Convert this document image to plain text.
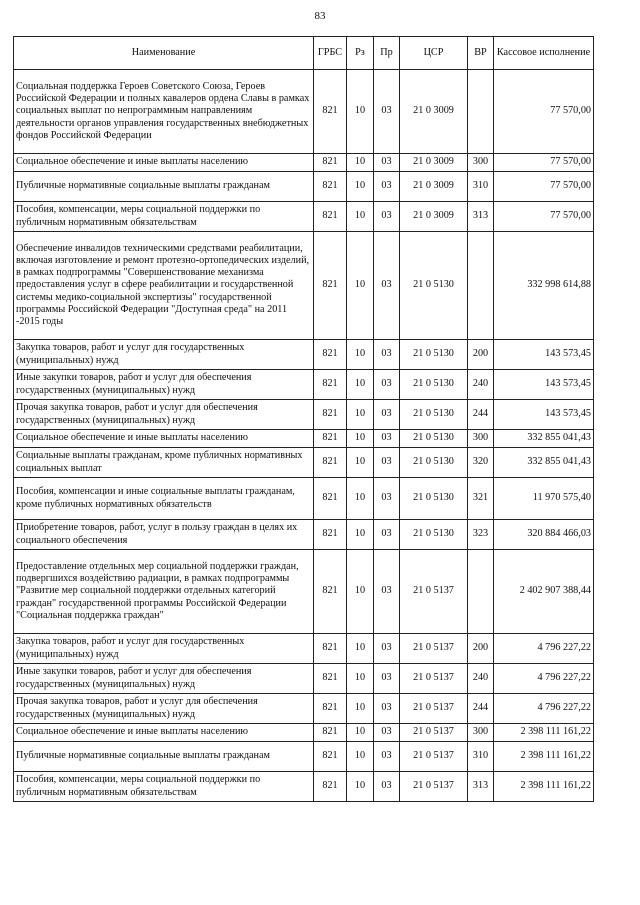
83
Наименование	ГРБС	Рз	Пр	ЦСР	ВР	Кассовое исполнение
Социальная поддержка Героев Советского Союза, Героев Российской Федерации и полных кавалеров ордена Славы в рамках социальных выплат по непрограммным направлениям деятельности органов управления государственных внебюджетных фондов Российской Федерации	821	10	03	21 0 3009		77 570,00
Социальное обеспечение и иные выплаты населению	821	10	03	21 0 3009	300	77 570,00
Публичные нормативные социальные выплаты гражданам	821	10	03	21 0 3009	310	77 570,00
Пособия, компенсации, меры социальной поддержки по публичным нормативным обязательствам	821	10	03	21 0 3009	313	77 570,00
Обеспечение инвалидов техническими средствами реабилитации, включая изготовление и ремонт протезно-ортопедических изделий, в рамках подпрограммы "Совершенствование механизма предоставления услуг в сфере реабилитации и государственной системы медико-социальной экспертизы" государственной программы Российской Федерации "Доступная среда" на 2011 -2015 годы	821	10	03	21 0 5130		332 998 614,88
Закупка товаров, работ и услуг для государственных (муниципальных) нужд	821	10	03	21 0 5130	200	143 573,45
Иные закупки товаров, работ и услуг для обеспечения государственных (муниципальных) нужд	821	10	03	21 0 5130	240	143 573,45
Прочая закупка товаров, работ и услуг для обеспечения государственных (муниципальных) нужд	821	10	03	21 0 5130	244	143 573,45
Социальное обеспечение и иные выплаты населению	821	10	03	21 0 5130	300	332 855 041,43
Социальные выплаты гражданам, кроме публичных нормативных социальных выплат	821	10	03	21 0 5130	320	332 855 041,43
Пособия, компенсации и иные социальные выплаты гражданам, кроме публичных нормативных обязательств	821	10	03	21 0 5130	321	11 970 575,40
Приобретение товаров, работ, услуг в пользу граждан в целях их социального обеспечения	821	10	03	21 0 5130	323	320 884 466,03
Предоставление отдельных мер социальной поддержки граждан, подвергшихся воздействию радиации, в рамках подпрограммы "Развитие мер социальной поддержки отдельных категорий граждан" государственной программы Российской Федерации "Социальная поддержка граждан"	821	10	03	21 0 5137		2 402 907 388,44
Закупка товаров, работ и услуг для государственных (муниципальных) нужд	821	10	03	21 0 5137	200	4 796 227,22
Иные закупки товаров, работ и услуг для обеспечения государственных (муниципальных) нужд	821	10	03	21 0 5137	240	4 796 227,22
Прочая закупка товаров, работ и услуг для обеспечения государственных (муниципальных) нужд	821	10	03	21 0 5137	244	4 796 227,22
Социальное обеспечение и иные выплаты населению	821	10	03	21 0 5137	300	2 398 111 161,22
Публичные нормативные социальные выплаты гражданам	821	10	03	21 0 5137	310	2 398 111 161,22
Пособия, компенсации, меры социальной поддержки по публичным нормативным обязательствам	821	10	03	21 0 5137	313	2 398 111 161,22
